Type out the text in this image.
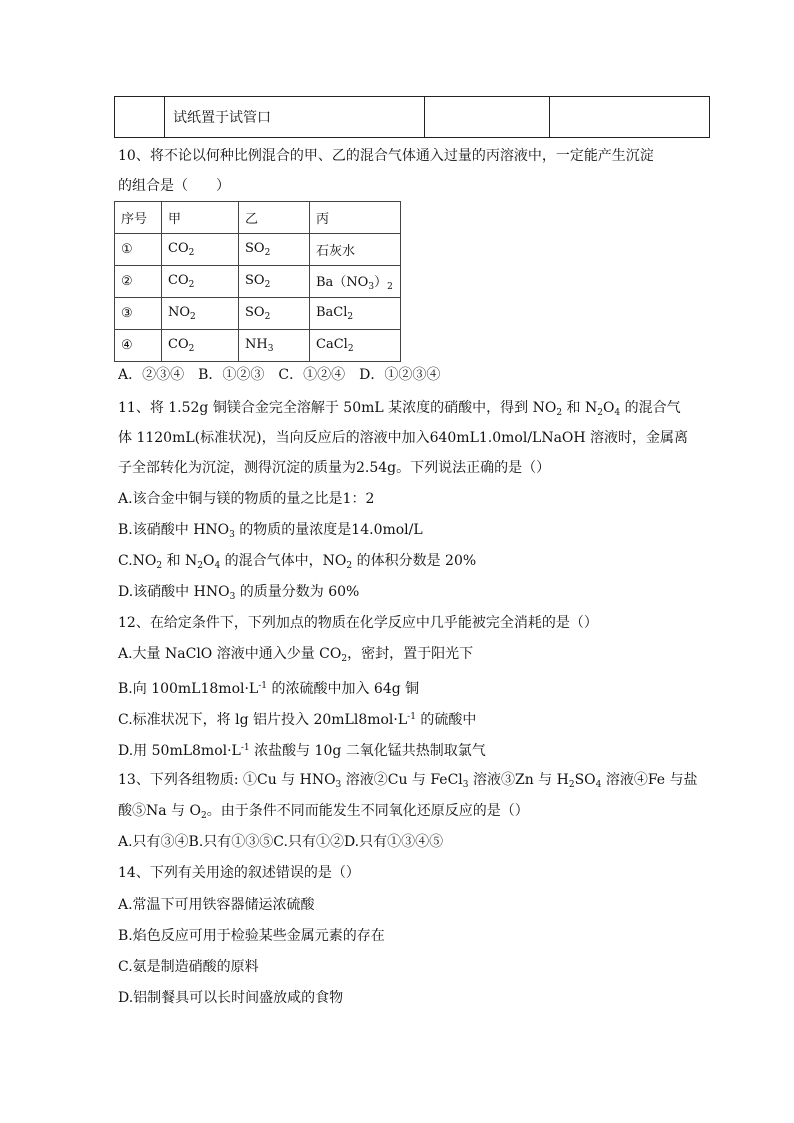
	试纸置于试管口		
10、将不论以何种比例混合的甲、乙的混合气体通入过量的丙溶液中，一定能产生沉淀
的组合是（　　）
序号	甲	乙	丙
①	$CO_2$	$SO_2$	石灰水
②	$CO_2$	$SO_2$	$Ba(NO_3)_2$
③	$NO_2$	$SO_2$	BaCl$_2$
④	$CO_2$	$NH_3$	CaCl$_2$
A．②③④　B．①②③　C．①②④　D．①②③④
11、将 1.52g 铜镁合金完全溶解于 50mL 某浓度的硝酸中，得到 $NO_2$ 和 $N_2O_4$ 的混合气
体 1120mL(标准状况)，当向反应后的溶液中加入640mL1.0mol/LNaOH 溶液时，金属离
子全部转化为沉淀，测得沉淀的质量为2.54g。下列说法正确的是（）
A.该合金中铜与镁的物质的量之比是1：2
B.该硝酸中 $HNO_3$ 的物质的量浓度是14.0mol/L
$C.NO_2$ 和 $N_2O_4$ 的混合气体中，$NO_2$ 的体积分数是 20%
D.该硝酸中 $HNO_3$ 的质量分数为 60%
12、在给定条件下，下列加点的物质在化学反应中几乎能被完全消耗的是（）
A.大量 NaClO 溶液中通入少量 $CO_2$，密封，置于阳光下
B.向 $100mL18mol\cdot L^{-1}$ 的浓硫酸中加入 64g 铜
C.标准状况下，将 lg 铝片投入 $20mLl8mol\cdot L^{-1}$ 的硫酸中
D.用 $50mL8mol\cdot L^{-1}$ 浓盐酸与 10g 二氧化锰共热制取氯气
13、下列各组物质: ①Cu 与 $HNO_3$ 溶液②Cu 与 FeCl$_3$ 溶液③Zn 与 $H_2SO_4$ 溶液④Fe 与盐
酸⑤Na 与 $O_2$。由于条件不同而能发生不同氧化还原反应的是（）
A.只有③④B.只有①③⑤C.只有①②D.只有①③④⑤
14、下列有关用途的叙述错误的是（）
A.常温下可用铁容器储运浓硫酸
B.焰色反应可用于检验某些金属元素的存在
C.氨是制造硝酸的原料
D.铝制餐具可以长时间盛放咸的食物
